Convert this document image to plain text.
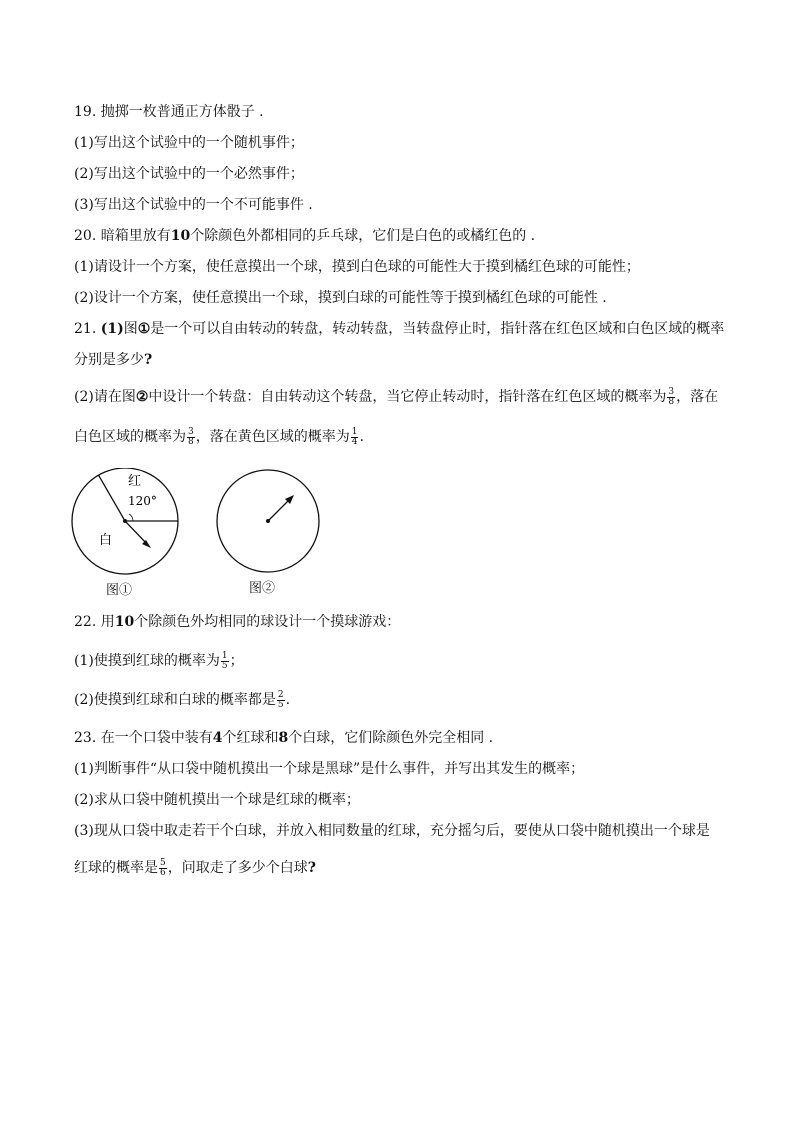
19. 抛掷一枚普通正方体骰子 .
(1)写出这个试验中的一个随机事件；
(2)写出这个试验中的一个必然事件；
(3)写出这个试验中的一个不可能事件 .
20. 暗箱里放有10个除颜色外都相同的乒乓球，它们是白色的或橘红色的 .
(1)请设计一个方案，使任意摸出一个球，摸到白色球的可能性大于摸到橘红色球的可能性；
(2)设计一个方案，使任意摸出一个球，摸到白球的可能性等于摸到橘红色球的可能性 .
21. (1)图①是一个可以自由转动的转盘，转动转盘，当转盘停止时，指针落在红色区域和白色区域的概率
分别是多少?
(2)请在图②中设计一个转盘：自由转动这个转盘，当它停止转动时，指针落在红色区域的概率为 $\frac{3}{8}$ ，落在
白色区域的概率为 $\frac{3}{8}$ ，落在黄色区域的概率为 $\frac{1}{4}$ .
红
120°
白
图①	图②
22. 用10个除颜色外均相同的球设计一个摸球游戏：
(1)使摸到红球的概率为 $\frac{1}{5}$ ；
(2)使摸到红球和白球的概率都是 $\frac{2}{5}$ .
23. 在一个口袋中装有4个红球和8个白球，它们除颜色外完全相同 .
(1)判断事件“从口袋中随机摸出一个球是黑球”是什么事件，并写出其发生的概率；
(2)求从口袋中随机摸出一个球是红球的概率；
(3)现从口袋中取走若干个白球，并放入相同数量的红球，充分摇匀后，要使从口袋中随机摸出一个球是
红球的概率是 $\frac{5}{6}$ ，问取走了多少个白球?
